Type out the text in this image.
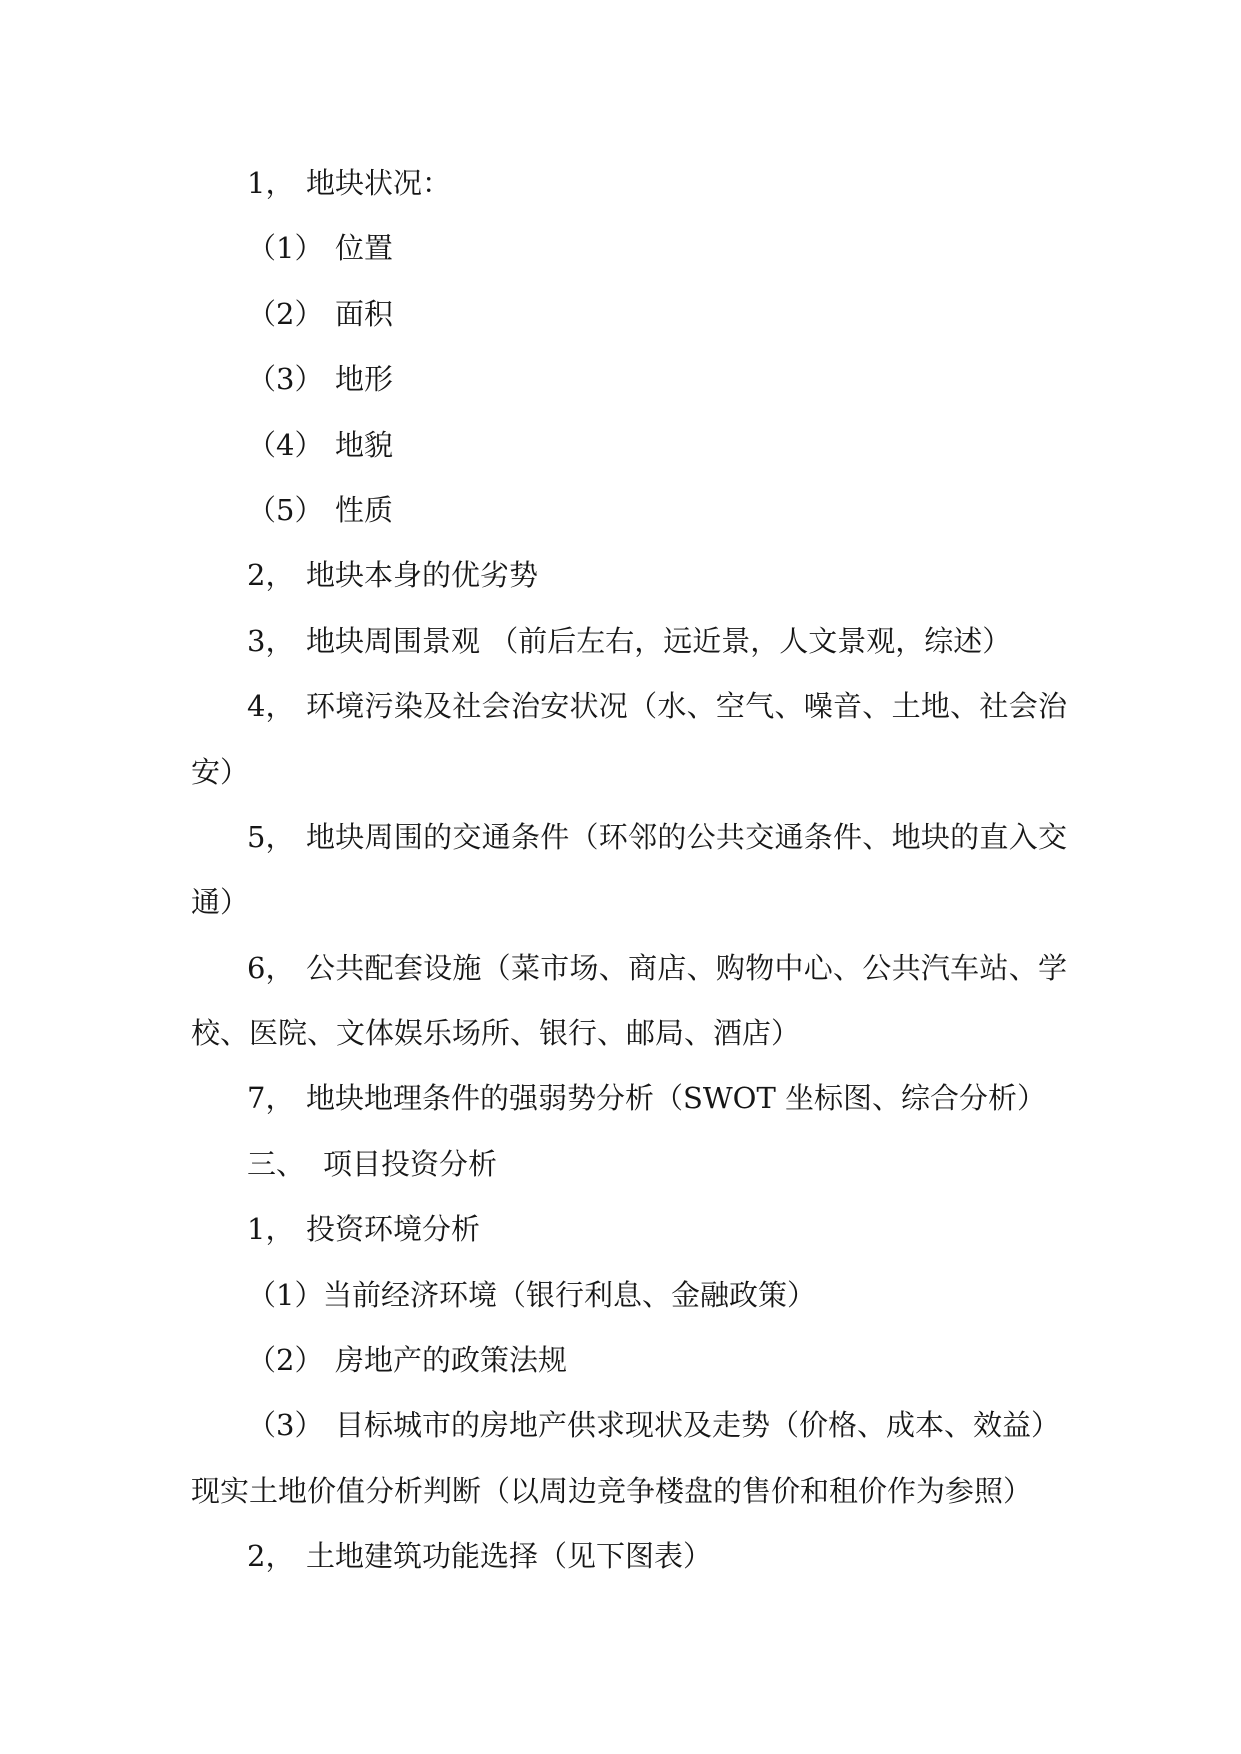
1， 地块状况：
（1） 位置
（2） 面积
（3） 地形
（4） 地貌
（5） 性质
2， 地块本身的优劣势
3， 地块周围景观 （前后左右，远近景，人文景观，综述）
4， 环境污染及社会治安状况（水、空气、噪音、土地、社会治
安）
5， 地块周围的交通条件（环邻的公共交通条件、地块的直入交
通）
6， 公共配套设施（菜市场、商店、购物中心、公共汽车站、学
校、医院、文体娱乐场所、银行、邮局、酒店）
7， 地块地理条件的强弱势分析（SWOT 坐标图、综合分析）
三、 项目投资分析
1， 投资环境分析
（1） 当前经济环境（银行利息、金融政策）
（2） 房地产的政策法规
（3） 目标城市的房地产供求现状及走势（价格、成本、效益）
现实土地价值分析判断（以周边竞争楼盘的售价和租价作为参照）
2， 土地建筑功能选择（见下图表）
